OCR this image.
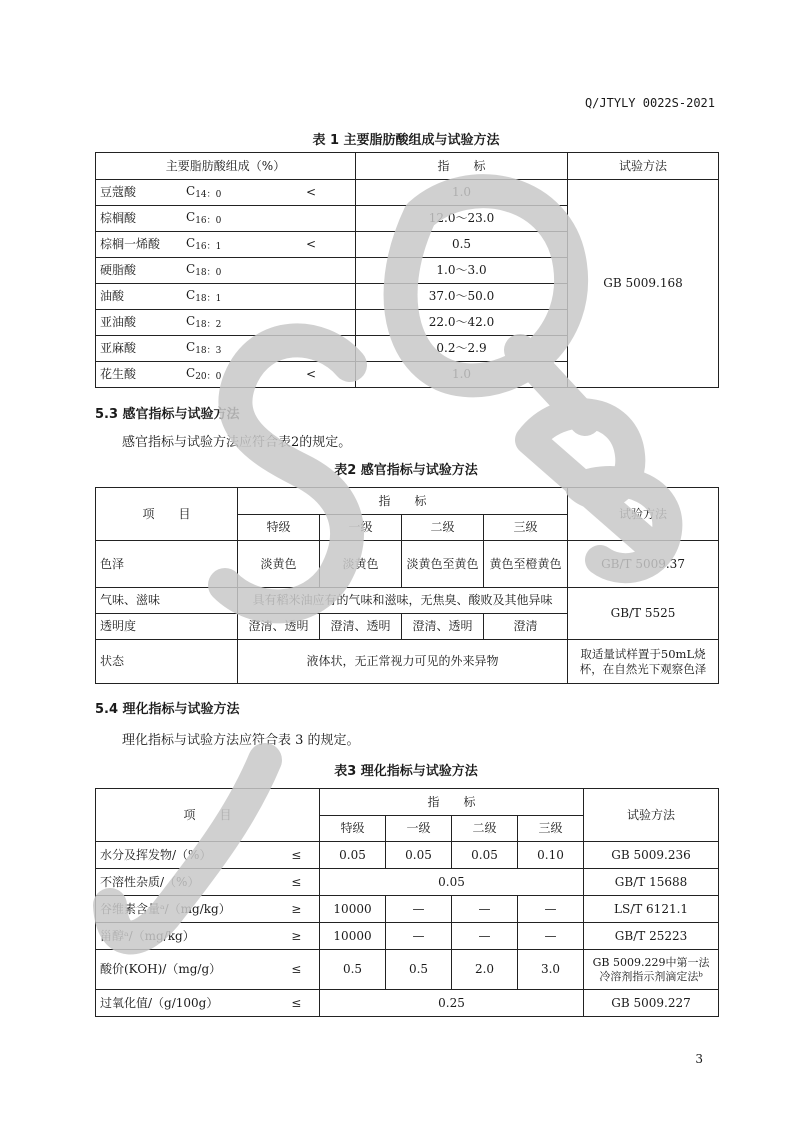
Q/JTYLY 0022S-2021
表 1 主要脂肪酸组成与试验方法
主要脂肪酸组成（%）	指　　标	试验方法

豆蔻酸 $C_{14:0}$ <	1.0	GB 5009.168

棕榈酸 $C_{16:0}$	12.0～23.0	

棕榈一烯酸 $C_{16:1}$ <	0.5	

硬脂酸 $C_{18:0}$	1.0～3.0	

油酸 $C_{18:1}$	37.0～50.0	

亚油酸 $C_{18:2}$	22.0～42.0	

亚麻酸 $C_{18:3}$	0.2～2.9	

花生酸 $C_{20:0}$ <	1.0	
5.3 感官指标与试验方法
感官指标与试验方法应符合表2的规定。
表2 感官指标与试验方法
项　　目	指　　标				试验方法
	特级	一级	二级	三级	
色泽	淡黄色	淡黄色	淡黄色至黄色	黄色至橙黄色	GB/T 5009.37
气味、滋味	具有稻米油应有的气味和滋味，无焦臭、酸败及其他异味				GB/T 5525
透明度	澄清、透明	澄清、透明	澄清、透明	澄清	
状态	液体状，无正常视力可见的外来异物				取适量试样置于50mL烧杯，在自然光下观察色泽
5.4 理化指标与试验方法
理化指标与试验方法应符合表 3 的规定。
表3 理化指标与试验方法
项　　目		指　　标				试验方法
		特级	一级	二级	三级	
水分及挥发物/（%）	≤	0.05	0.05	0.05	0.10	GB 5009.236
不溶性杂质/（%）	≤	0.05				GB/T 15688
谷维素含量ᵃ/（mg/kg）	≥	10000	—	—	—	LS/T 6121.1
甾醇ᵃ/（mg/kg）	≥	10000	—	—	—	GB/T 25223
酸价(KOH)/（mg/g）	≤	0.5	0.5	2.0	3.0	GB 5009.229中第一法冷溶剂指示剂滴定法ᵇ
过氧化值/（g/100g）	≤	0.25				GB 5009.227
3
